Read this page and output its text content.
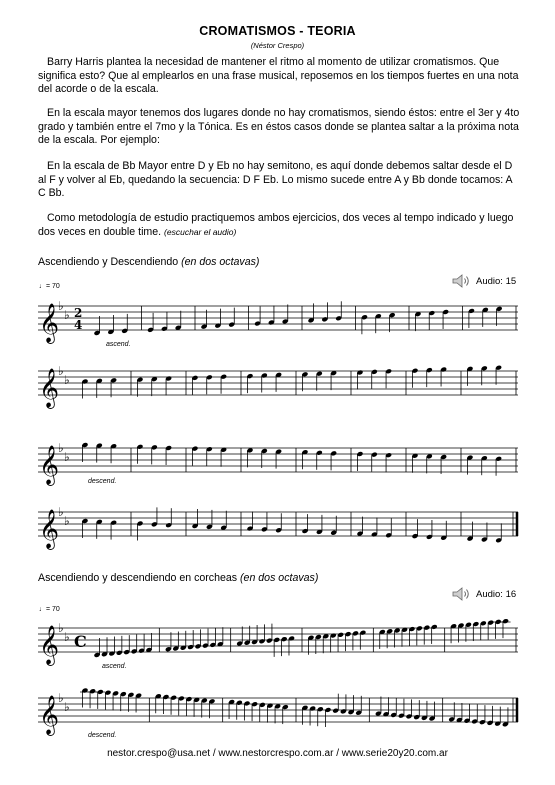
CROMATISMOS - TEORIA
(Néstor Crespo)
Barry Harris plantea la necesidad de mantener el ritmo al momento de utilizar cromatismos. Que significa esto? Que al emplearlos en una frase musical, reposemos en los tiempos fuertes en una nota del acorde o de la escala.
En la escala mayor tenemos dos lugares donde no hay cromatismos, siendo éstos: entre el 3er y 4to grado y también entre el 7mo y la Tónica. Es en éstos casos donde se plantea saltar a la próxima nota de la escala. Por ejemplo:
En la escala de Bb Mayor entre D y Eb no hay semitono, es aquí donde debemos saltar desde el D al F y volver al Eb, quedando la secuencia: D F Eb. Lo mismo sucede entre A y Bb donde tocamos: A C Bb.
Como metodología de estudio practiquemos ambos ejercicios, dos veces al tempo indicado y luego dos veces en double time. (escuchar el audio)
Ascendiendo y Descendiendo (en dos octavas)
Audio: 15
♩= 70
𝄞
♭
♭ 2
4
𝄞
♭
♭
𝄞
♭
♭
𝄞
♭
♭
ascend.
descend.
Ascendiendo y descendiendo en corcheas (en dos octavas)
Audio: 16
♩= 70
𝄞
♭
♭ C
𝄞
♭
♭
ascend.
descend.
nestor.crespo@usa.net / www.nestorcrespo.com.ar / www.serie20y20.com.ar
